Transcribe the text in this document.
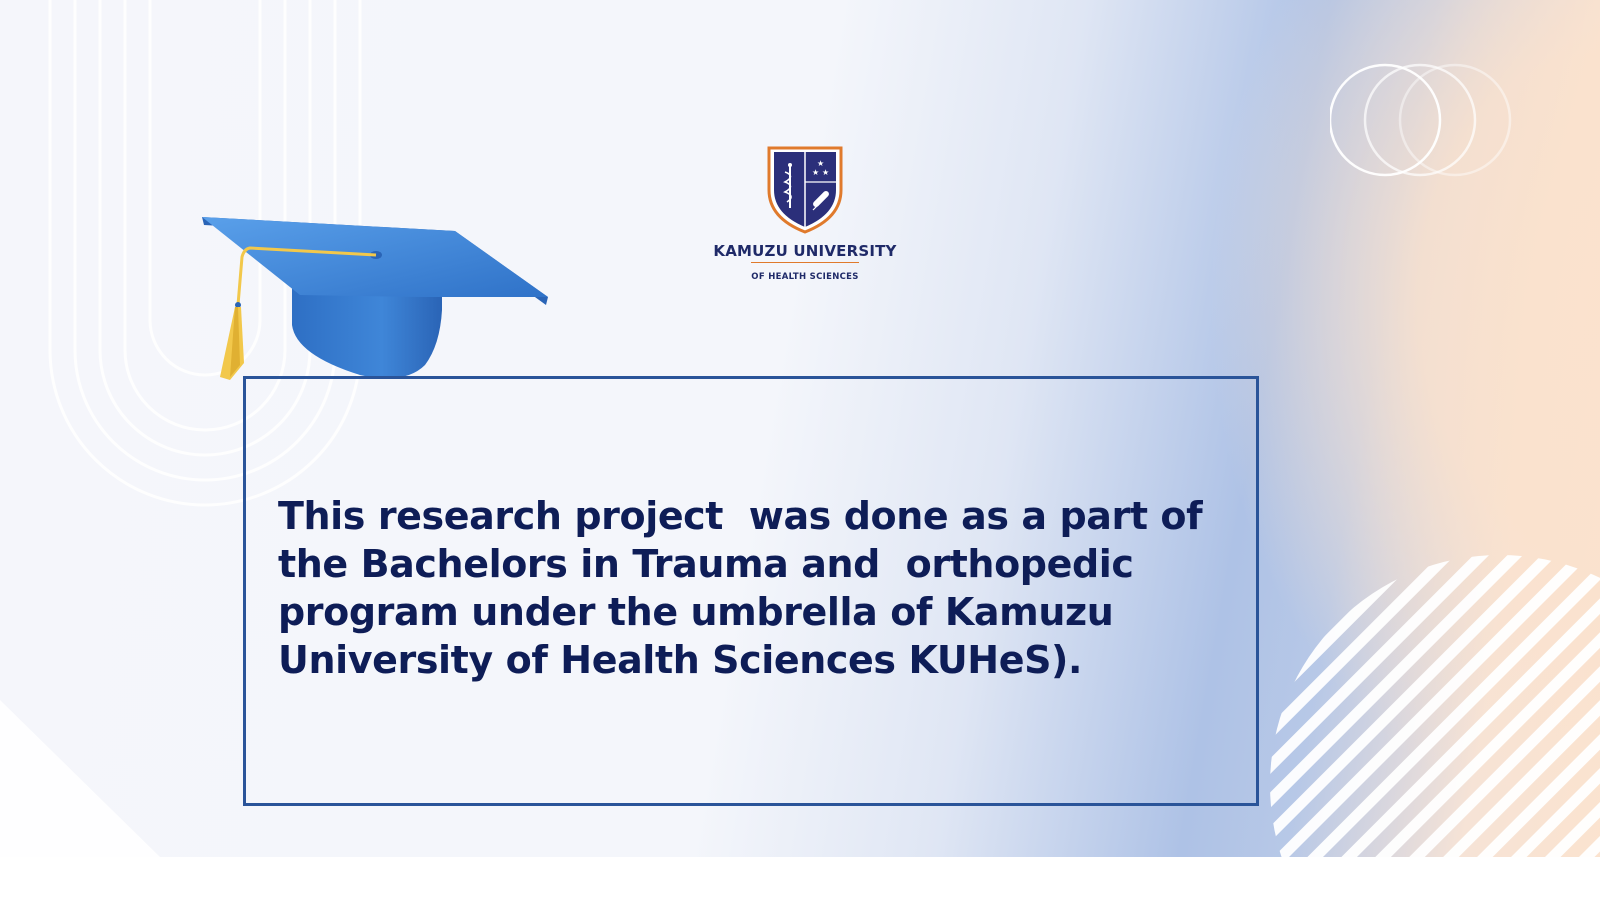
★
★ ★
KAMUZU UNIVERSITY
OF HEALTH SCIENCES

This research project  was done as a part of the Bachelors in Trauma and  orthopedic program under the umbrella of Kamuzu University of Health Sciences KUHeS).
